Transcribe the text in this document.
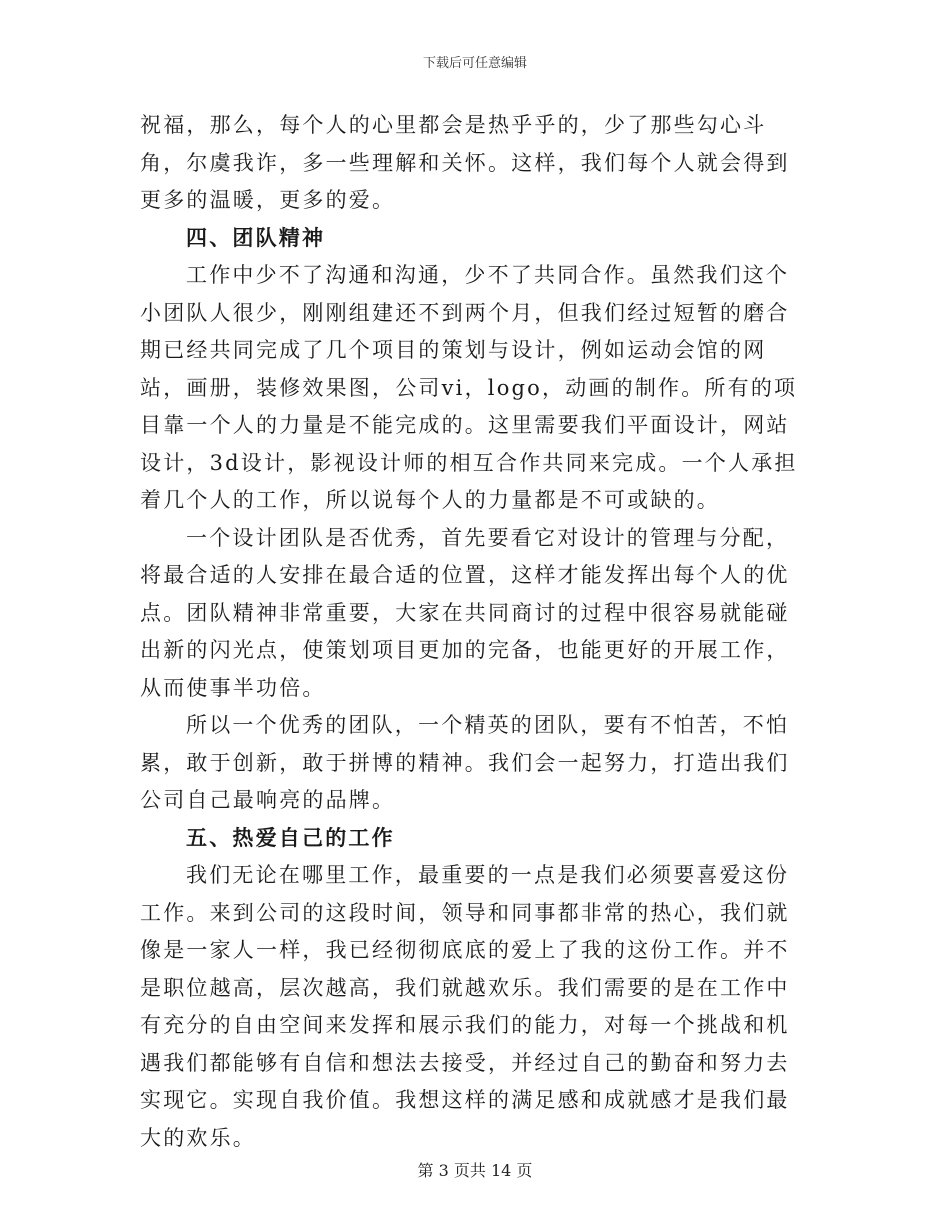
下载后可任意编辑

祝福，那么，每个人的心里都会是热乎乎的，少了那些勾心斗角，尔虞我诈，多一些理解和关怀。这样，我们每个人就会得到更多的温暖，更多的爱。

四、团队精神

工作中少不了沟通和沟通，少不了共同合作。虽然我们这个小团队人很少，刚刚组建还不到两个月，但我们经过短暂的磨合期已经共同完成了几个项目的策划与设计，例如运动会馆的网站，画册，装修效果图，公司vi，logo，动画的制作。所有的项目靠一个人的力量是不能完成的。这里需要我们平面设计，网站设计，3d设计，影视设计师的相互合作共同来完成。一个人承担着几个人的工作，所以说每个人的力量都是不可或缺的。

一个设计团队是否优秀，首先要看它对设计的管理与分配，将最合适的人安排在最合适的位置，这样才能发挥出每个人的优点。团队精神非常重要，大家在共同商讨的过程中很容易就能碰出新的闪光点，使策划项目更加的完备，也能更好的开展工作，从而使事半功倍。

所以一个优秀的团队，一个精英的团队，要有不怕苦，不怕累，敢于创新，敢于拼博的精神。我们会一起努力，打造出我们公司自己最响亮的品牌。

五、热爱自己的工作

我们无论在哪里工作，最重要的一点是我们必须要喜爱这份工作。来到公司的这段时间，领导和同事都非常的热心，我们就像是一家人一样，我已经彻彻底底的爱上了我的这份工作。并不是职位越高，层次越高，我们就越欢乐。我们需要的是在工作中有充分的自由空间来发挥和展示我们的能力，对每一个挑战和机遇我们都能够有自信和想法去接受，并经过自己的勤奋和努力去实现它。实现自我价值。我想这样的满足感和成就感才是我们最大的欢乐。

第 3 页共 14 页
